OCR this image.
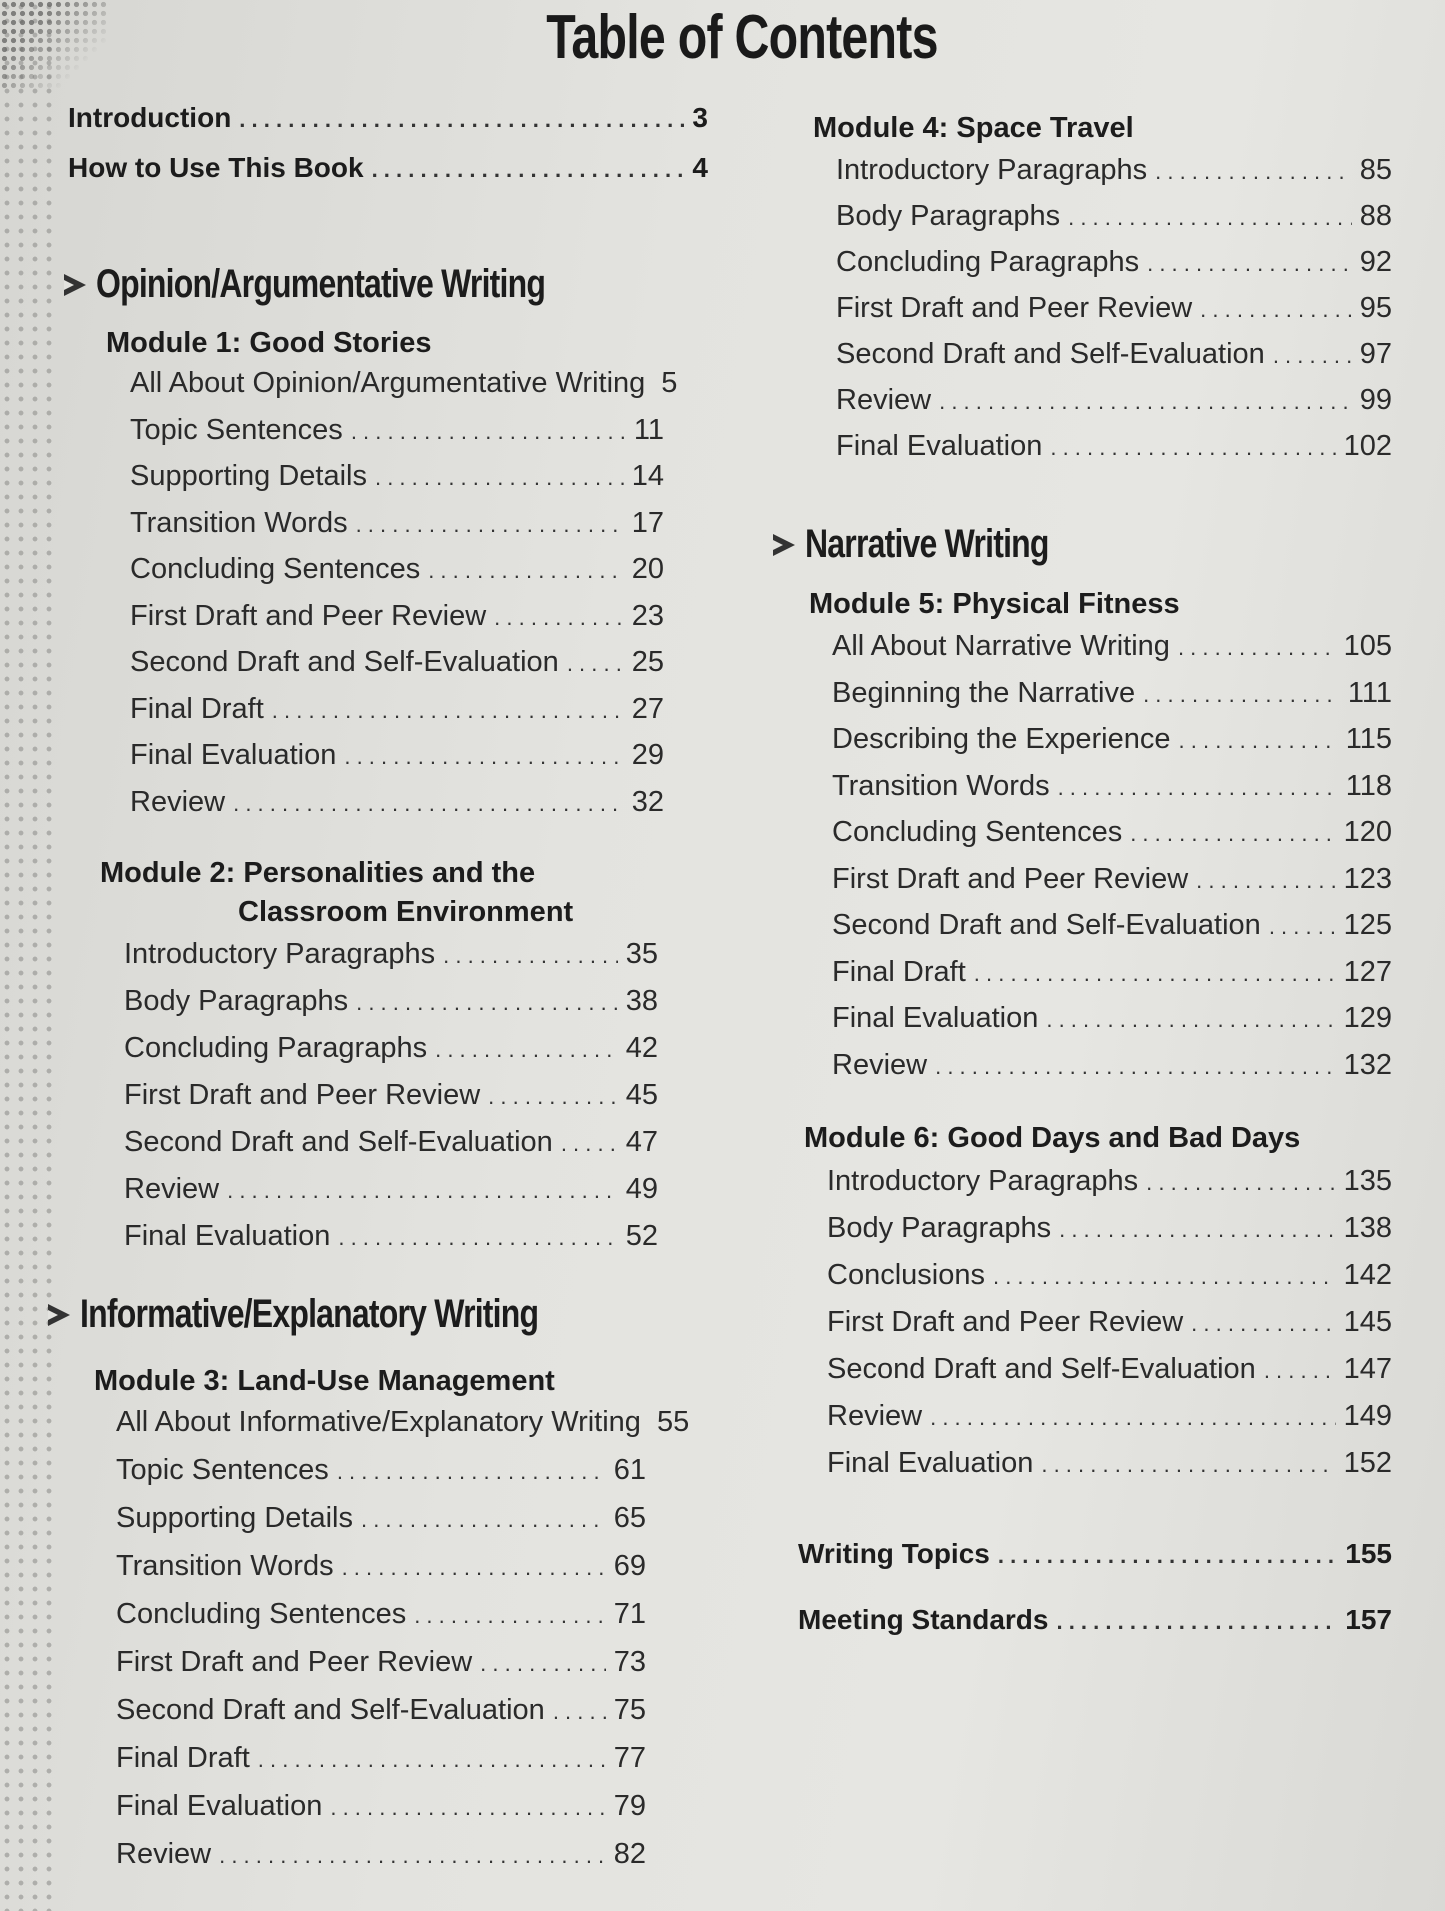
Table of Contents
Introduction . . .	3
How to Use This Book . . .	4
Opinion/Argumentative Writing
Module 1: Good Stories
All About Opinion/Argumentative Writing 5
Topic Sentences . . .	11
Supporting Details . . .	14
Transition Words . . .	17
Concluding Sentences . . .	20
First Draft and Peer Review . . .	23
Second Draft and Self-Evaluation . . .	25
Final Draft . . .	27
Final Evaluation . . .	29
Review . . .	32
Module 2: Personalities and the
Classroom Environment
Introductory Paragraphs . . .	35
Body Paragraphs . . .	38
Concluding Paragraphs . . .	42
First Draft and Peer Review . . .	45
Second Draft and Self-Evaluation . . .	47
Review . . .	49
Final Evaluation . . .	52
Informative/Explanatory Writing
Module 3: Land-Use Management
All About Informative/Explanatory Writing 55
Topic Sentences . . .	61
Supporting Details . . .	65
Transition Words . . .	69
Concluding Sentences . . .	71
First Draft and Peer Review . . .	73
Second Draft and Self-Evaluation . . . 75
Final Draft . . .	77
Final Evaluation . . .	79
Review . . .	82
Module 4: Space Travel
Introductory Paragraphs . . .	85
Body Paragraphs . . .	88
Concluding Paragraphs . . .	92
First Draft and Peer Review . . .	95
Second Draft and Self-Evaluation . . .	97
Review . . .	99
Final Evaluation . . .	102
Narrative Writing
Module 5: Physical Fitness
All About Narrative Writing . . .	105
Beginning the Narrative . . .	111
Describing the Experience . . .	115
Transition Words . . .	118
Concluding Sentences . . .	120
First Draft and Peer Review . . .	123
Second Draft and Self-Evaluation . . .	125
Final Draft . . .	127
Final Evaluation . . .	129
Review . . .	132
Module 6: Good Days and Bad Days
Introductory Paragraphs . . .	135
Body Paragraphs . . .	138
Conclusions . . .	142
First Draft and Peer Review . . .	145
Second Draft and Self-Evaluation . . .	147
Review . . .	149
Final Evaluation . . .	152
Writing Topics . . .	155
Meeting Standards . . .	157
